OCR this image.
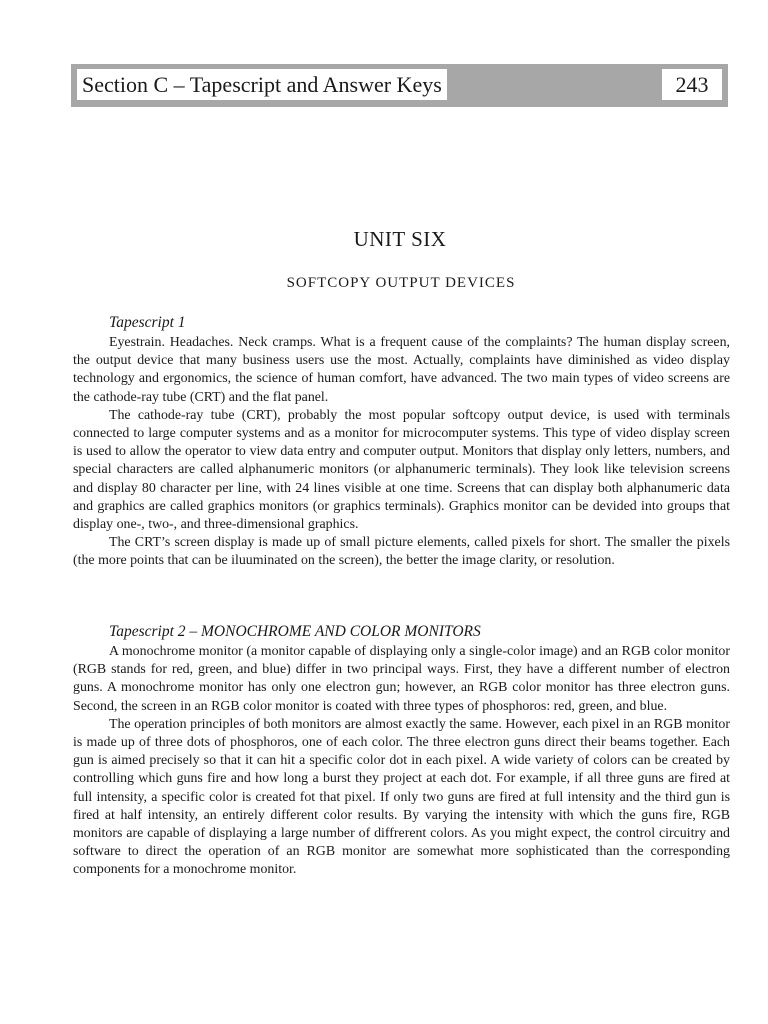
Section C – Tapescript and Answer Keys	243
UNIT SIX
SOFTCOPY OUTPUT DEVICES
Tapescript 1

Eyestrain. Headaches. Neck cramps. What is a frequent cause of the complaints? The human display screen, the output device that many business users use the most. Actually, complaints have diminished as video display technology and ergonomics, the science of human comfort, have advanced. The two main types of video screens are the cathode-ray tube (CRT) and the flat panel.

The cathode-ray tube (CRT), probably the most popular softcopy output device, is used with terminals connected to large computer systems and as a monitor for microcomputer systems. This type of video display screen is used to allow the operator to view data entry and computer output. Monitors that display only letters, numbers, and special characters are called alphanumeric monitors (or alphanumeric terminals). They look like television screens and display 80 character per line, with 24 lines visible at one time. Screens that can display both alphanumeric data and graphics are called graphics monitors (or graphics terminals). Graphics monitor can be devided into groups that display one-, two-, and three-dimensional graphics.

The CRT’s screen display is made up of small picture elements, called pixels for short. The smaller the pixels (the more points that can be iluuminated on the screen), the better the image clarity, or resolution.

Tapescript 2 – MONOCHROME AND COLOR MONITORS

A monochrome monitor (a monitor capable of displaying only a single-color image) and an RGB color monitor (RGB stands for red, green, and blue) differ in two principal ways. First, they have a different number of electron guns. A monochrome monitor has only one electron gun; however, an RGB color monitor has three electron guns. Second, the screen in an RGB color monitor is coated with three types of phosphoros: red, green, and blue.

The operation principles of both monitors are almost exactly the same. However, each pixel in an RGB monitor is made up of three dots of phosphoros, one of each color. The three electron guns direct their beams together. Each gun is aimed precisely so that it can hit a specific color dot in each pixel. A wide variety of colors can be created by controlling which guns fire and how long a burst they project at each dot. For example, if all three guns are fired at full intensity, a specific color is created fot that pixel. If only two guns are fired at full intensity and the third gun is fired at half intensity, an entirely different color results. By varying the intensity with which the guns fire, RGB monitors are capable of displaying a large number of diffrerent colors. As you might expect, the control circuitry and software to direct the operation of an RGB monitor are somewhat more sophisticated than the corresponding components for a monochrome monitor.
